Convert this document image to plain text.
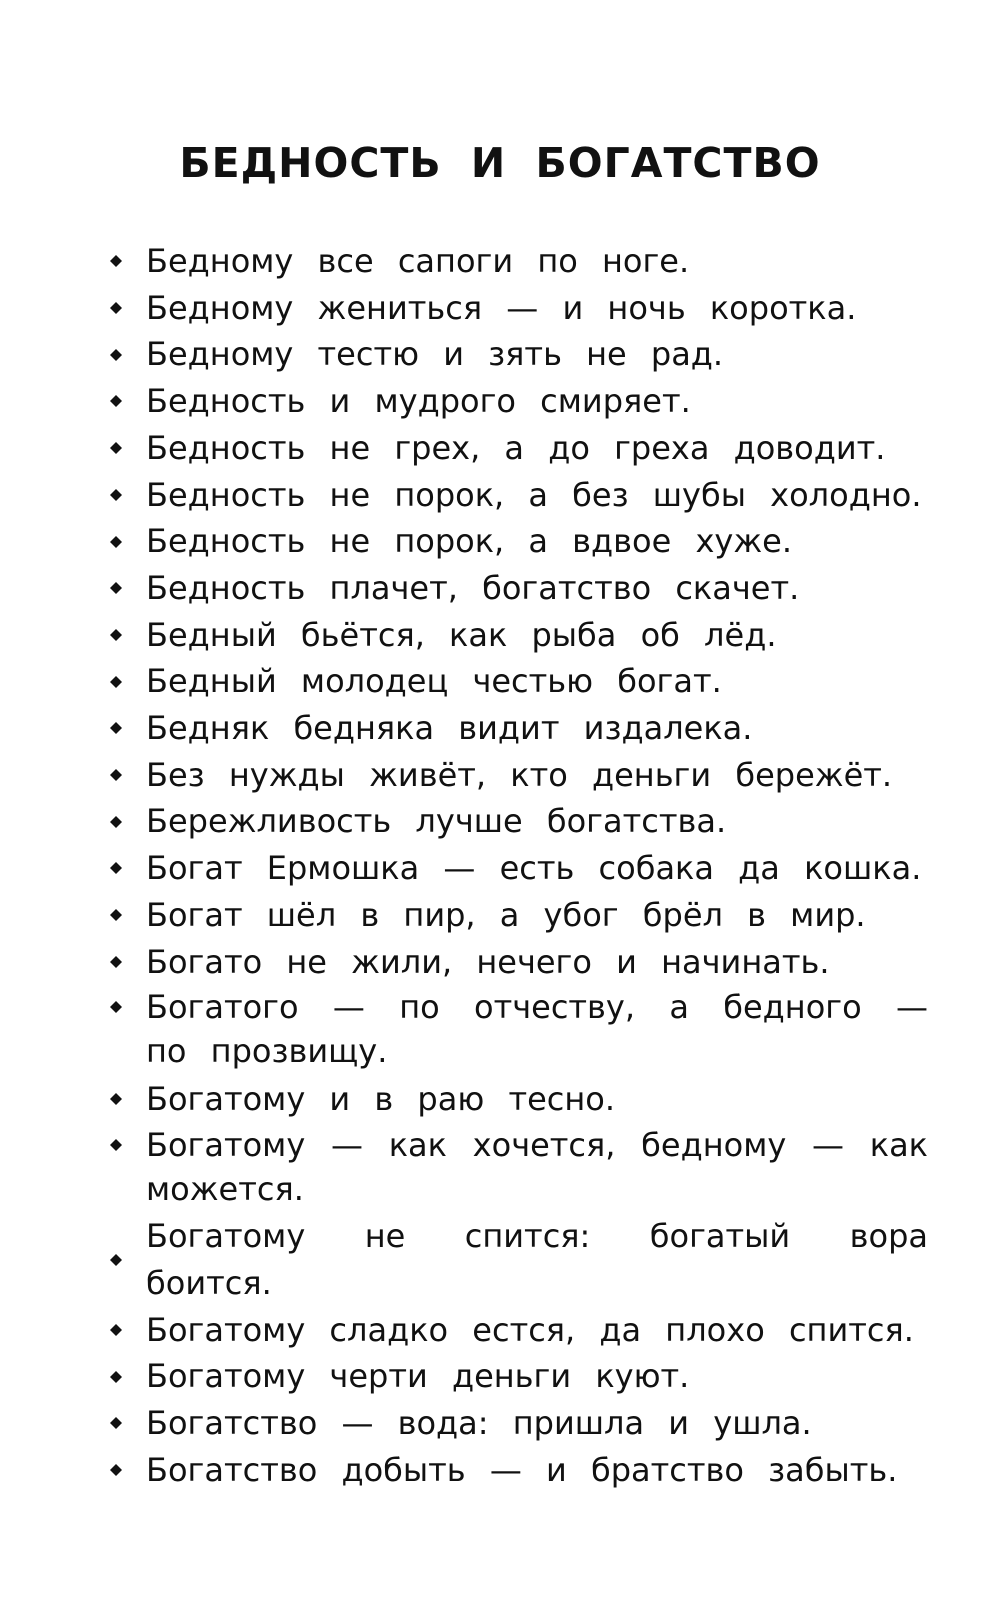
БЕДНОСТЬ И БОГАТСТВО
Бедному все сапоги по ноге.
Бедному жениться — и ночь коротка.
Бедному тестю и зять не рад.
Бедность и мудрого смиряет.
Бедность не грех, а до греха доводит.
Бедность не порок, а без шубы холодно.
Бедность не порок, а вдвое хуже.
Бедность плачет, богатство скачет.
Бедный бьётся, как рыба об лёд.
Бедный молодец честью богат.
Бедняк бедняка видит издалека.
Без нужды живёт, кто деньги бережёт.
Бережливость лучше богатства.
Богат Ермошка — есть собака да кошка.
Богат шёл в пир, а убог брёл в мир.
Богато не жили, нечего и начинать.
Богатого — по отчеству, а бедного — по прозвищу.
Богатому и в раю тесно.
Богатому — как хочется, бедному — как можется.
Богатому не спится: богатый вора боится.
Богатому сладко естся, да плохо спится.
Богатому черти деньги куют.
Богатство — вода: пришла и ушла.
Богатство добыть — и братство забыть.
